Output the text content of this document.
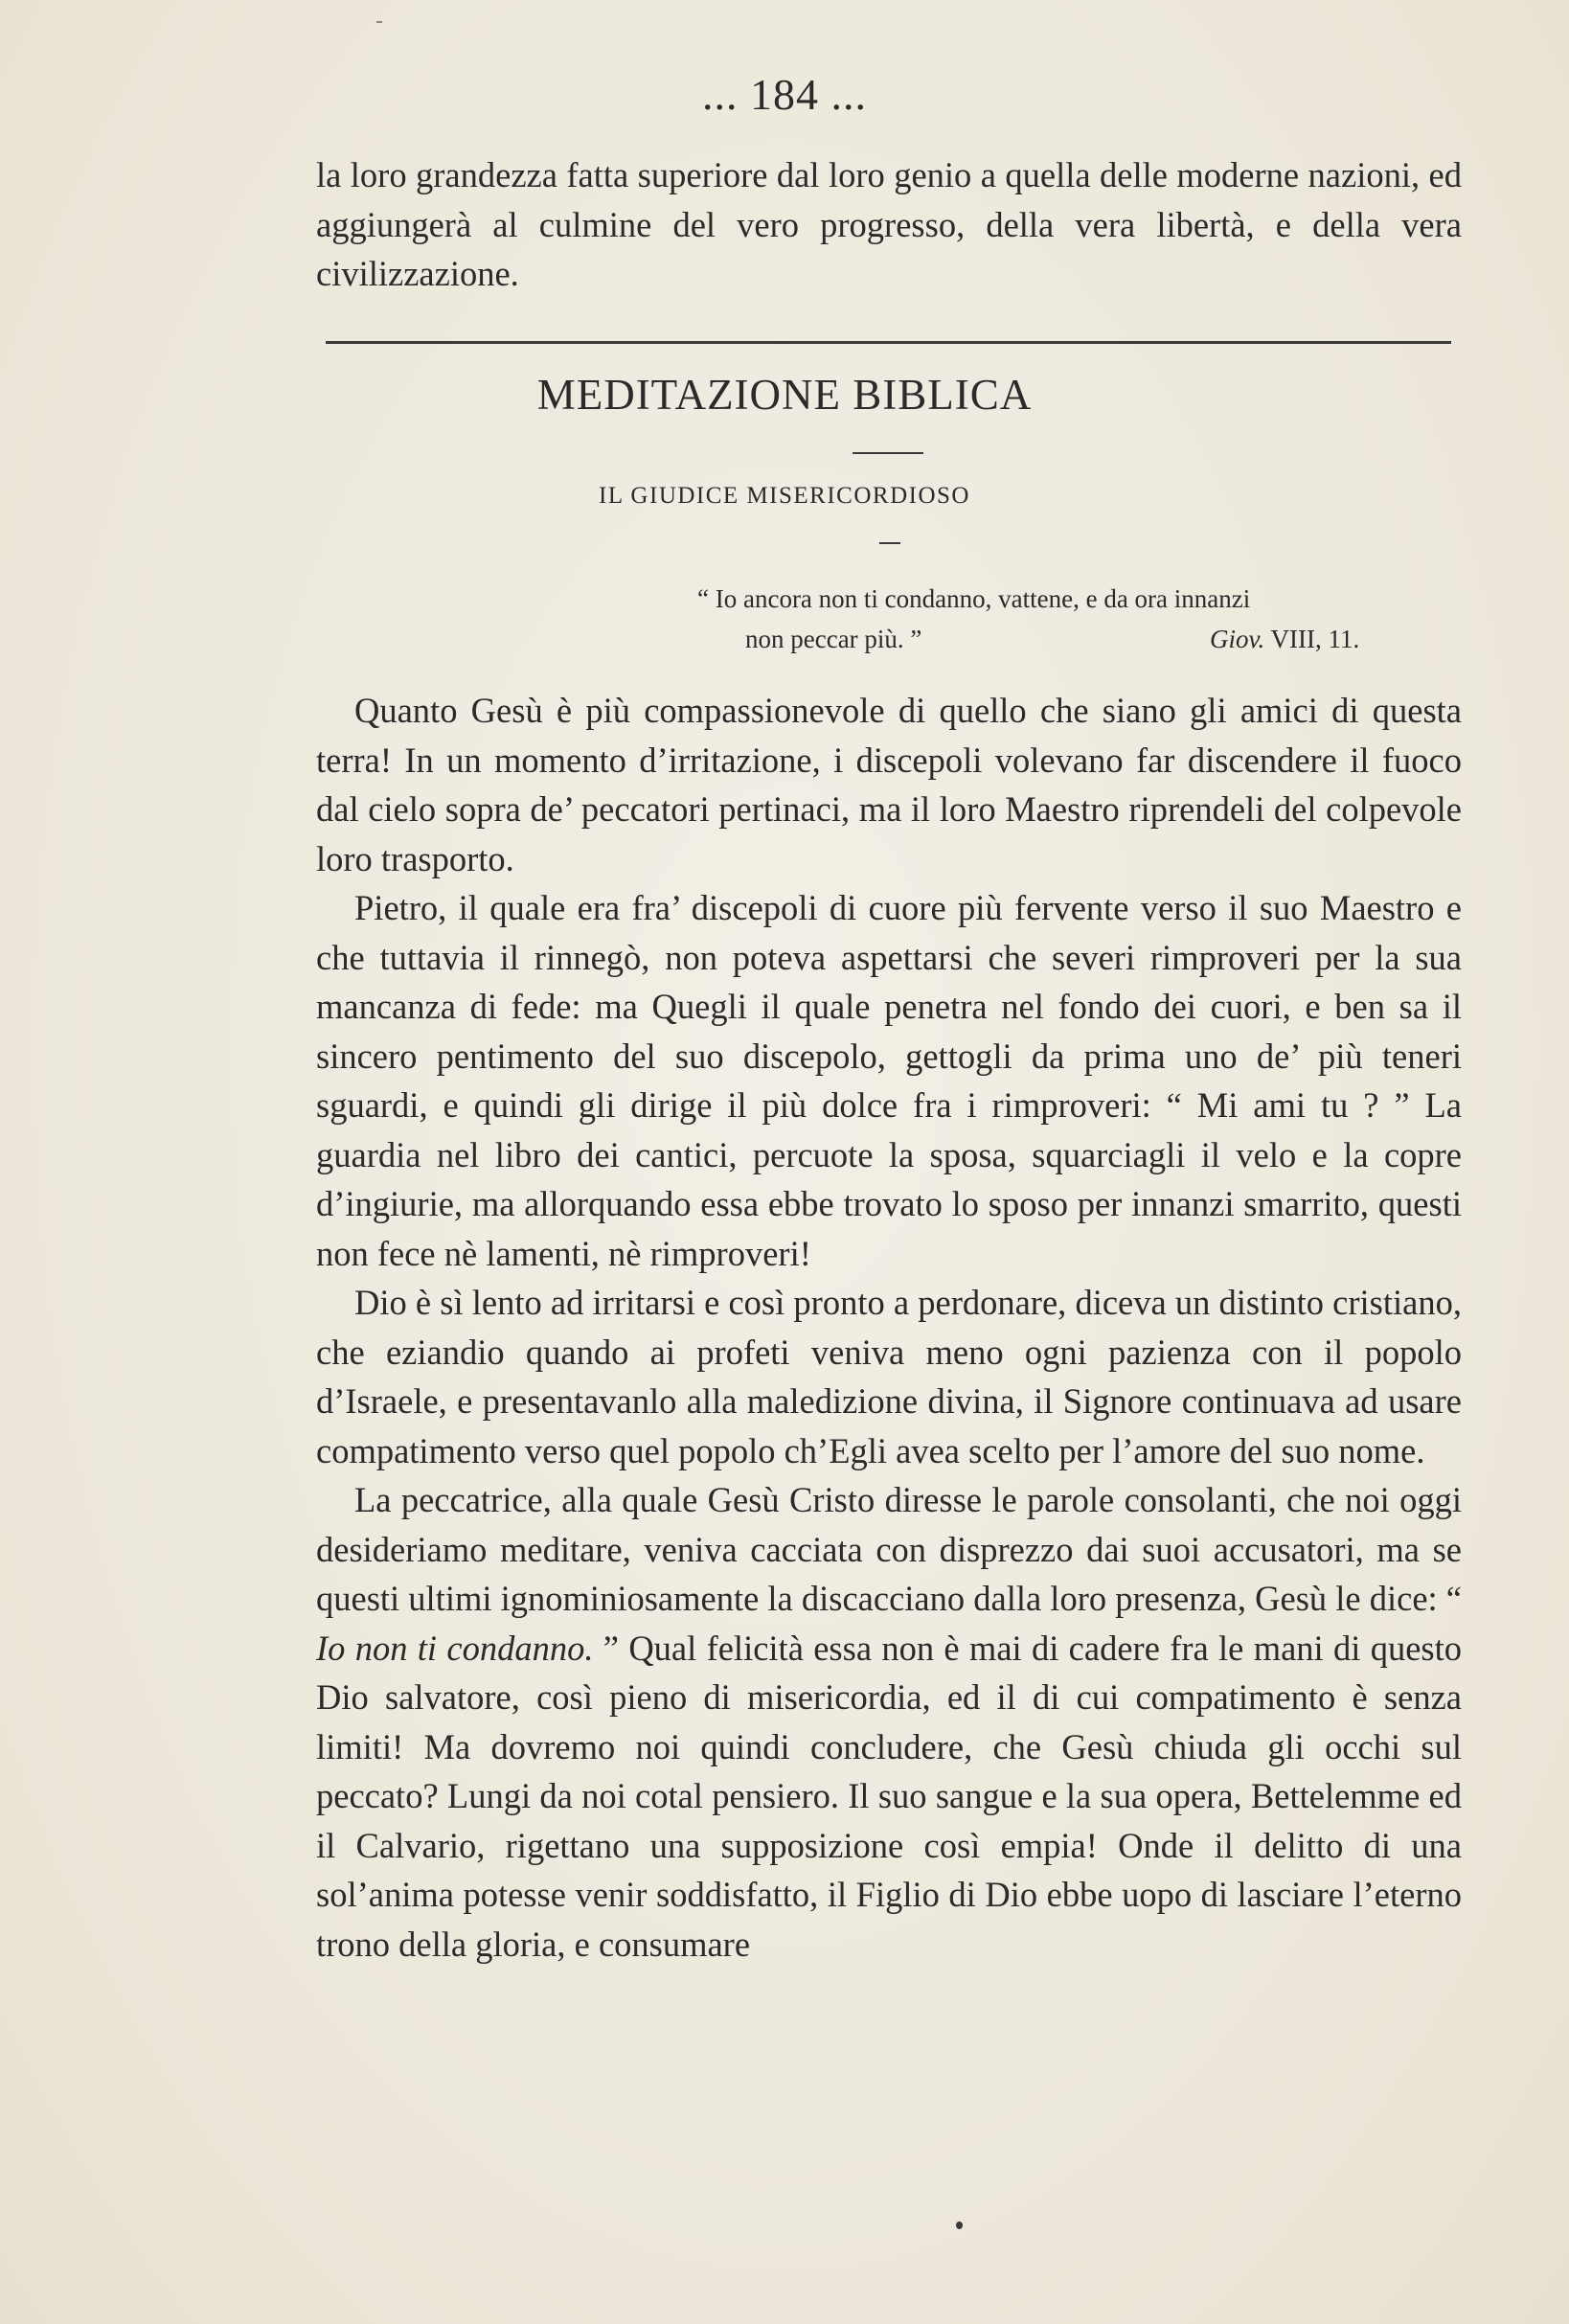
... 184 ...

la loro grandezza fatta superiore dal loro genio a quella delle moderne nazioni, ed aggiungerà al culmine del vero progresso, della vera libertà, e della vera civilizzazione.

MEDITAZIONE BIBLICA
IL GIUDICE MISERICORDIOSO
“ Io ancora non ti condanno, vattene, e da ora innanzi
non peccar più. ”	Giov. VIII, 11.

Quanto Gesù è più compassionevole di quello che siano gli amici di questa terra! In un momento d’irritazione, i discepoli volevano far discendere il fuoco dal cielo sopra de’ peccatori pertinaci, ma il loro Maestro riprendeli del colpevole loro trasporto.

Pietro, il quale era fra’ discepoli di cuore più fervente verso il suo Maestro e che tuttavia il rinnegò, non poteva aspettarsi che severi rimproveri per la sua mancanza di fede: ma Quegli il quale penetra nel fondo dei cuori, e ben sa il sincero pentimento del suo discepolo, gettogli da prima uno de’ più teneri sguardi, e quindi gli dirige il più dolce fra i rimproveri: “ Mi ami tu ? ” La guardia nel libro dei cantici, percuote la sposa, squarciagli il velo e la copre d’ingiurie, ma allorquando essa ebbe trovato lo sposo per innanzi smarrito, questi non fece nè lamenti, nè rimproveri!

Dio è sì lento ad irritarsi e così pronto a perdonare, diceva un distinto cristiano, che eziandio quando ai profeti veniva meno ogni pazienza con il popolo d’Israele, e presentavanlo alla maledizione divina, il Signore continuava ad usare compatimento verso quel popolo ch’Egli avea scelto per l’amore del suo nome.

La peccatrice, alla quale Gesù Cristo diresse le parole consolanti, che noi oggi desideriamo meditare, veniva cacciata con disprezzo dai suoi accusatori, ma se questi ultimi ignominiosamente la discacciano dalla loro presenza, Gesù le dice: “ Io non ti condanno. ” Qual felicità essa non è mai di cadere fra le mani di questo Dio salvatore, così pieno di misericordia, ed il di cui compatimento è senza limiti! Ma dovremo noi quindi concludere, che Gesù chiuda gli occhi sul peccato? Lungi da noi cotal pensiero. Il suo sangue e la sua opera, Bettelemme ed il Calvario, rigettano una supposizione così empia! Onde il delitto di una sol’anima potesse venir soddisfatto, il Figlio di Dio ebbe uopo di lasciare l’eterno trono della gloria, e consumare
